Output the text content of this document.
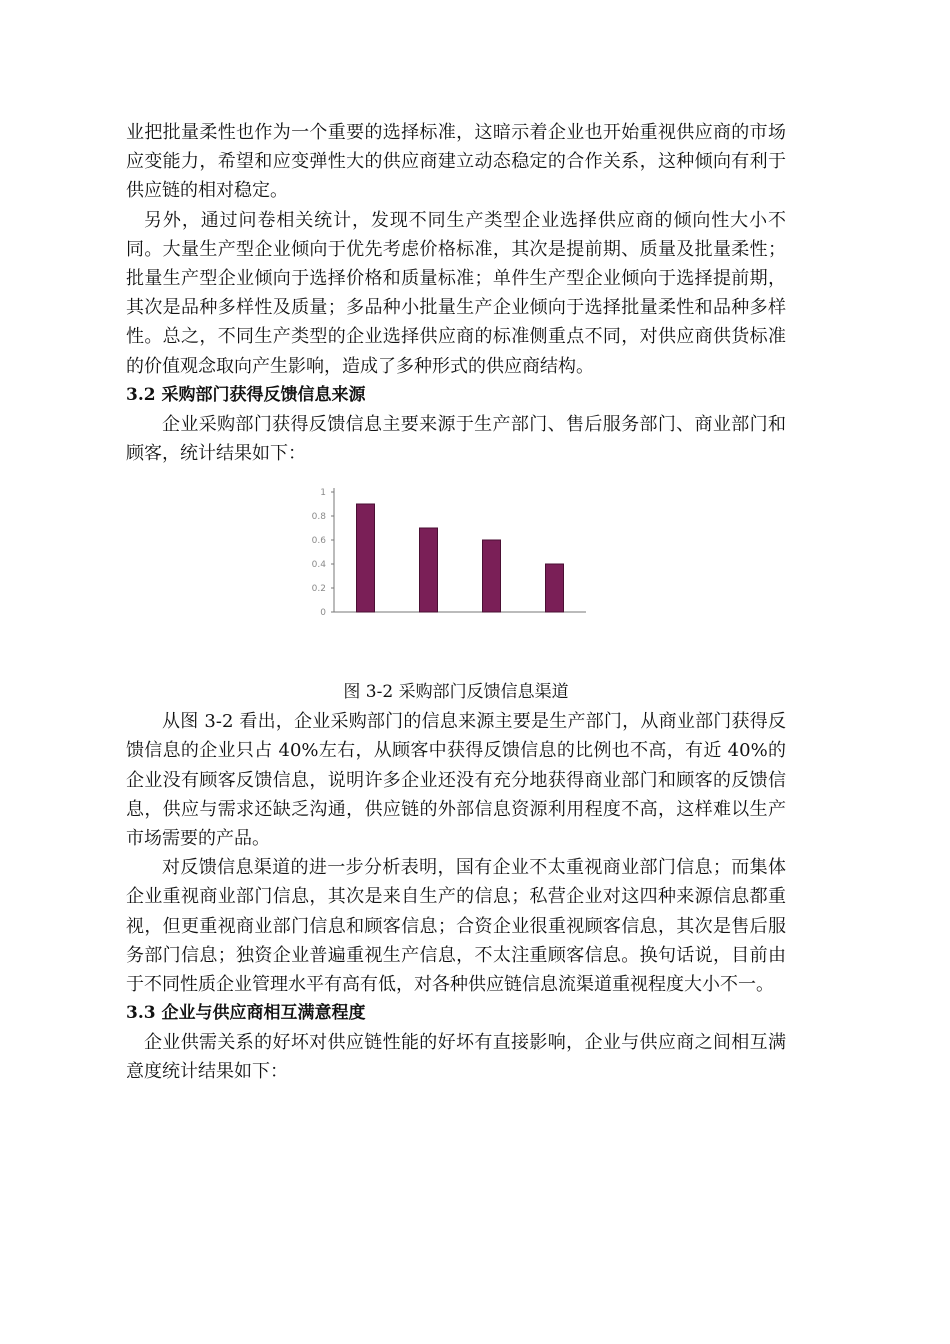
业把批量柔性也作为一个重要的选择标准，这暗示着企业也开始重视供应商的市场应变能力，希望和应变弹性大的供应商建立动态稳定的合作关系，这种倾向有利于供应链的相对稳定。

另外，通过问卷相关统计，发现不同生产类型企业选择供应商的倾向性大小不同。大量生产型企业倾向于优先考虑价格标准，其次是提前期、质量及批量柔性；批量生产型企业倾向于选择价格和质量标准；单件生产型企业倾向于选择提前期，其次是品种多样性及质量；多品种小批量生产企业倾向于选择批量柔性和品种多样性。总之，不同生产类型的企业选择供应商的标准侧重点不同，对供应商供货标准的价值观念取向产生影响，造成了多种形式的供应商结构。

3.2 采购部门获得反馈信息来源

企业采购部门获得反馈信息主要来源于生产部门、售后服务部门、商业部门和顾客，统计结果如下：

0
0.2
0.4
0.6
0.8
1

图 3-2 采购部门反馈信息渠道

从图 3-2 看出，企业采购部门的信息来源主要是生产部门，从商业部门获得反馈信息的企业只占 40%左右，从顾客中获得反馈信息的比例也不高，有近 40%的企业没有顾客反馈信息，说明许多企业还没有充分地获得商业部门和顾客的反馈信息，供应与需求还缺乏沟通，供应链的外部信息资源利用程度不高，这样难以生产市场需要的产品。

对反馈信息渠道的进一步分析表明，国有企业不太重视商业部门信息；而集体企业重视商业部门信息，其次是来自生产的信息；私营企业对这四种来源信息都重视，但更重视商业部门信息和顾客信息；合资企业很重视顾客信息，其次是售后服务部门信息；独资企业普遍重视生产信息，不太注重顾客信息。换句话说，目前由于不同性质企业管理水平有高有低，对各种供应链信息流渠道重视程度大小不一。

3.3 企业与供应商相互满意程度

企业供需关系的好坏对供应链性能的好坏有直接影响，企业与供应商之间相互满意度统计结果如下：
